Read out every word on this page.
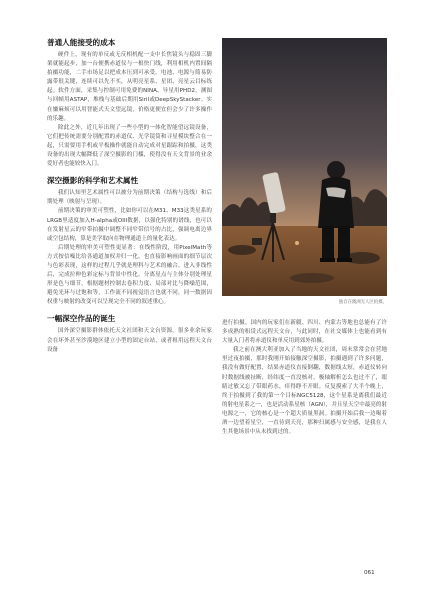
普通人能接受的成本

硬件上，现有的单反或无反相机配一支中长焦镜头与稳固三脚架就能起步，加一台便携赤道仪与一根快门线，利用相机内置间隔拍摄功能，二手市场足以把成本压到可承受。电池、电源与简易防露带很关键，连续可以先不买，从明亮星系、星团、亮星云目标练起。软件方面，采集与控制可用免费的NINA、导星用PHD2，测图与回帧用ASTAP，堆栈与基础后期用Siril或DeepSkyStacker。实在嫌麻烦可以用智能式天文望远镜，价格更便宜但会少了许多操作的乐趣。

除此之外，近几年出现了一些小型的一体化智能望远镜设备，它们把传统需要分别配置的赤道仪、光学镜筒和寻星模块整合在一起，只需要用手机或平板操作就能自动完成对星跟踪和拍摄，这类设备的出现大幅降低了深空摄影的门槛，使得没有天文背景的业余爱好者也能较快入门。

深空摄影的科学和艺术属性

我们认知里艺术属性可以被分为前期决策（结构与选线）和后期处理（映射与呈现）。

前期决策的审美可塑性，比如你可以在M31、M33这类星系的LRGB里适度加入H-alpha或OIII数据，以强化特别的谱线，也可以在发射星云的窄带拍摄中调整不同窄带信号的占比，强调电离边界或空包结构，算是美学取向在物理通道上的量化表达。

后期处理的审美可塑性更显著：在线性阶段，用PixelMath等方式按信噪比给各通道加权并归一化，也直接影响画面的细节层次与色彩表现，这样的过程几乎就是理科与艺术的融合，进入非线性后，完成拉伸色彩定标与背景中性化，分离星点与主体分别处理星形是色与细节，根据题材控制去卷积力度、局部对比与降噪范围，避免光环与过饱和等，工作流不同视觉语言也就不同，同一数据因权重与映射的改变可以呈现完全不同的叙述重心。

一幅深空作品的诞生

国外深空摄影群体依托天文社团和天文台资源，很多业余玩家会在坏外甚至沙漠地区建立小型的固定台站，或者租用远程天文台设备

独自在澳洲无人区拍摄。

进行拍摄。国内的玩家们在新疆、四川、内蒙古等地也总能有了许多成熟的租赁式远程天文台，与此同时，在社交媒体上也能看到有大量入门者将赤道仪和单反用到郊外拍摄。

我之前在澳大利亚加入了当地的天文社团，周末常常会在营地里过夜拍摄，那时我刚开始接触深空摄影，拍摄遇到了许多问题，我没有做好配置，结果赤道仪直接倒翻，数据线太短，赤道仪转向时数据线被扯断，经纬度一直没核对，极轴解析怎么也过不了，眼睛过敏又忘了带眼药水，痒得睁不开眼。反复摸索了大半个晚上，终于拍摄到了我的第一个目标NGC5128，这个星系是离我们最近的射电星系之一，也是活动系星核（AGN），并且星天空中最亮的射电源之一，它的核心是一个超大质量黑洞。拍摄开始后我一边喝着酒一边望着星空，一直待到天亮，那种扫属感与安全感，是我在人生其他场景中从未找到过的。

061
